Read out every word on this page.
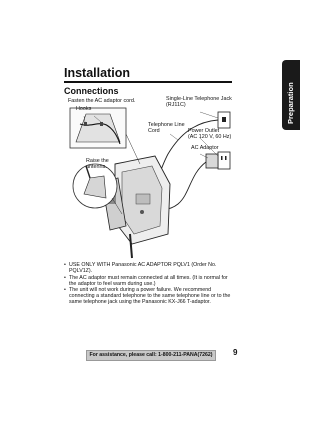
Preparation
Installation
Connections
Fasten the AC adaptor cord.
Hooks
Single-Line Telephone Jack
(RJ11C)
Telephone Line
Cord	Power Outlet
(AC 120 V, 60 Hz)
AC Adaptor
Raise the
antenna.
• USE ONLY WITH Panasonic AC ADAPTOR PQLV1 (Order No. PQLV1Z).
• The AC adaptor must remain connected at all times. (It is normal for the adaptor to feel warm during use.)
• The unit will not work during a power failure. We recommend connecting a standard telephone to the same telephone line or to the same telephone jack using the Panasonic KX-J66 T-adaptor.
For assistance, please call: 1-800-211-PANA(7262)	9
